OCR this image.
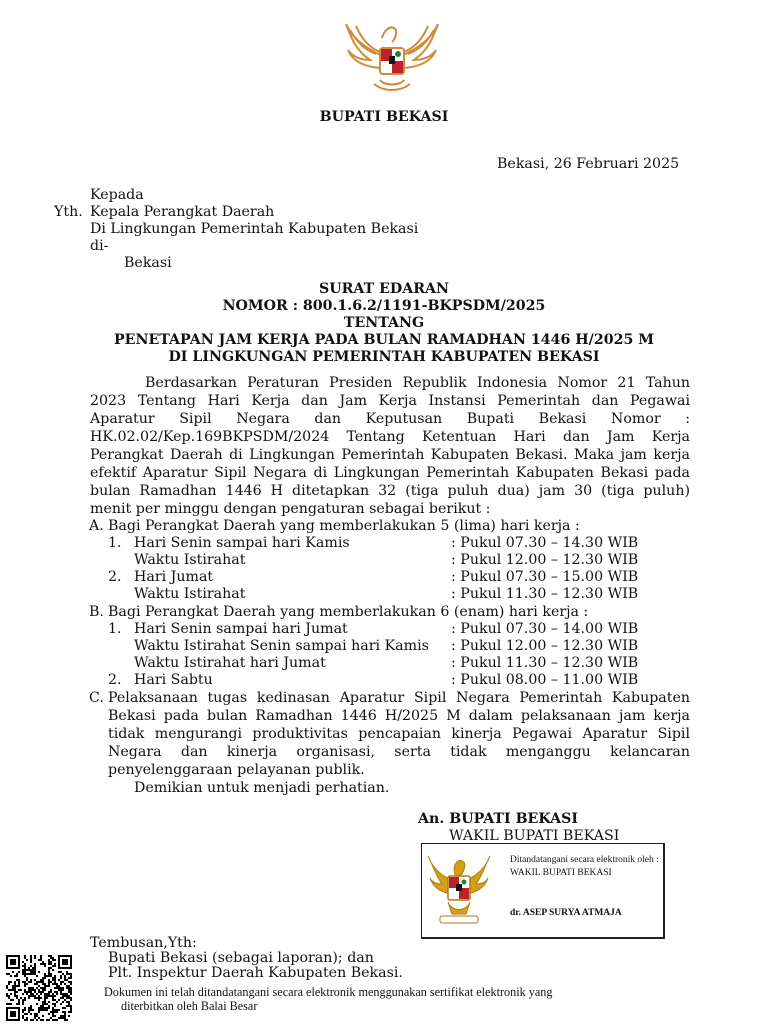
BUPATI BEKASI
Bekasi, 26 Februari 2025
Kepada
Yth. Kepala Perangkat Daerah
Di Lingkungan Pemerintah Kabupaten Bekasi
di-
Bekasi
SURAT EDARAN
NOMOR : 800.1.6.2/1191-BKPSDM/2025
TENTANG
PENETAPAN JAM KERJA PADA BULAN RAMADHAN 1446 H/2025 M
DI LINGKUNGAN PEMERINTAH KABUPATEN BEKASI
Berdasarkan Peraturan Presiden Republik Indonesia Nomor 21 Tahun
2023 Tentang Hari Kerja dan Jam Kerja Instansi Pemerintah dan Pegawai
Aparatur Sipil Negara dan Keputusan Bupati Bekasi Nomor :
HK.02.02/Kep.169BKPSDM/2024 Tentang Ketentuan Hari dan Jam Kerja
Perangkat Daerah di Lingkungan Pemerintah Kabupaten Bekasi. Maka jam kerja
efektif Aparatur Sipil Negara di Lingkungan Pemerintah Kabupaten Bekasi pada
bulan Ramadhan 1446 H ditetapkan 32 (tiga puluh dua) jam 30 (tiga puluh)
menit per minggu dengan pengaturan sebagai berikut :
A. Bagi Perangkat Daerah yang memberlakukan 5 (lima) hari kerja :
1. Hari Senin sampai hari Kamis	: Pukul 07.30 – 14.30 WIB
Waktu Istirahat	: Pukul 12.00 – 12.30 WIB
2. Hari Jumat	: Pukul 07.30 – 15.00 WIB
Waktu Istirahat	: Pukul 11.30 – 12.30 WIB
B. Bagi Perangkat Daerah yang memberlakukan 6 (enam) hari kerja :
1. Hari Senin sampai hari Jumat	: Pukul 07.30 – 14.00 WIB
Waktu Istirahat Senin sampai hari Kamis : Pukul 12.00 – 12.30 WIB
Waktu Istirahat hari Jumat	: Pukul 11.30 – 12.30 WIB
2. Hari Sabtu	: Pukul 08.00 – 11.00 WIB
C. Pelaksanaan tugas kedinasan Aparatur Sipil Negara Pemerintah Kabupaten
Bekasi pada bulan Ramadhan 1446 H/2025 M dalam pelaksanaan jam kerja
tidak mengurangi produktivitas pencapaian kinerja Pegawai Aparatur Sipil
Negara dan kinerja organisasi, serta tidak menganggu kelancaran
penyelenggaraan pelayanan publik.
Demikian untuk menjadi perhatian.
An. BUPATI BEKASI
WAKIL BUPATI BEKASI
Ditandatangani secara elektronik oleh :
WAKIL BUPATI BEKASI
dr. ASEP SURYA ATMAJA
Tembusan,Yth:
Bupati Bekasi (sebagai laporan); dan
Plt. Inspektur Daerah Kabupaten Bekasi.
Dokumen ini telah ditandatangani secara elektronik menggunakan sertifikat elektronik yang
diterbitkan oleh Balai Besar
